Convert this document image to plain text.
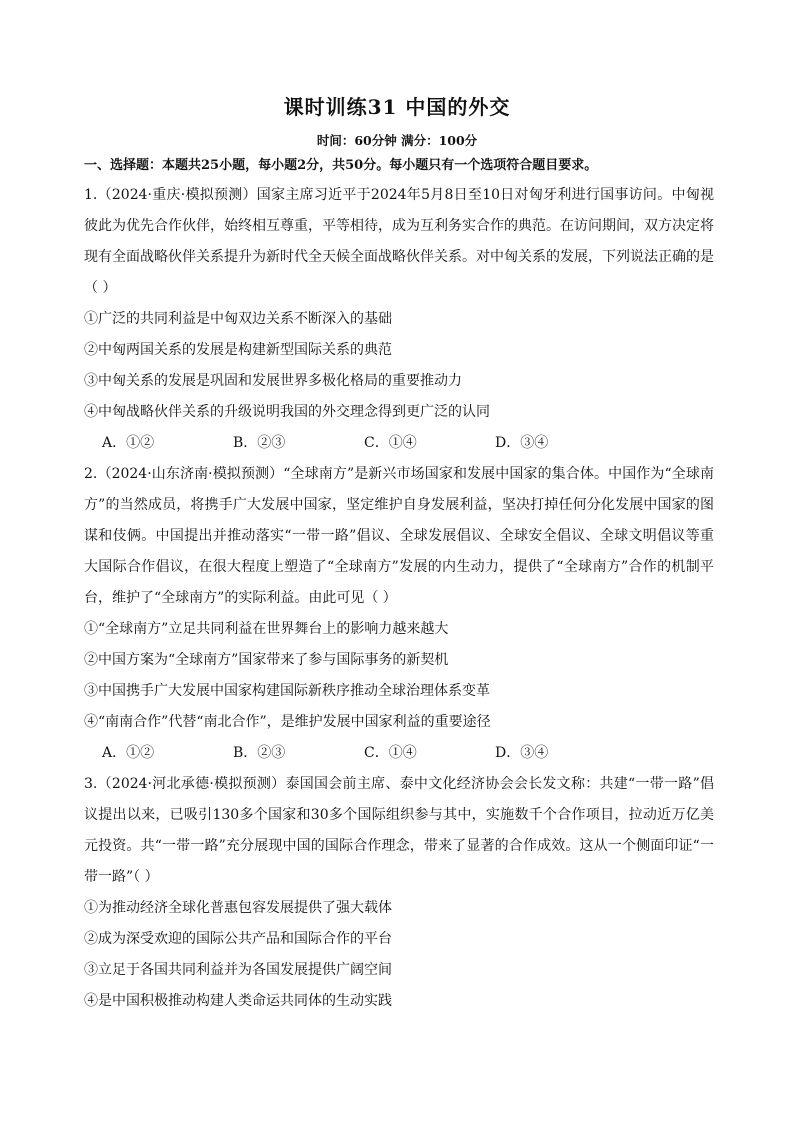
课时训练31 中国的外交
时间：60分钟 满分：100分
一、选择题：本题共25小题，每小题2分，共50分。每小题只有一个选项符合题目要求。

1.（2024·重庆·模拟预测）国家主席习近平于2024年5月8日至10日对匈牙利进行国事访问。中匈视彼此为优先合作伙伴，始终相互尊重，平等相待，成为互利务实合作的典范。在访问期间，双方决定将现有全面战略伙伴关系提升为新时代全天候全面战略伙伴关系。对中匈关系的发展，下列说法正确的是（ ）

①广泛的共同利益是中匈双边关系不断深入的基础

②中匈两国关系的发展是构建新型国际关系的典范

③中匈关系的发展是巩固和发展世界多极化格局的重要推动力

④中匈战略伙伴关系的升级说明我国的外交理念得到更广泛的认同

A．①②	B．②③	C．①④	D．③④

2.（2024·山东济南·模拟预测）“全球南方”是新兴市场国家和发展中国家的集合体。中国作为“全球南方”的当然成员，将携手广大发展中国家，坚定维护自身发展利益，坚决打掉任何分化发展中国家的图谋和伎俩。中国提出并推动落实“一带一路”倡议、全球发展倡议、全球安全倡议、全球文明倡议等重大国际合作倡议，在很大程度上塑造了“全球南方”发展的内生动力，提供了“全球南方”合作的机制平台，维护了“全球南方”的实际利益。由此可见（ ）

①“全球南方”立足共同利益在世界舞台上的影响力越来越大

②中国方案为“全球南方”国家带来了参与国际事务的新契机

③中国携手广大发展中国家构建国际新秩序推动全球治理体系变革

④“南南合作”代替“南北合作”，是维护发展中国家利益的重要途径

A．①②	B．②③	C．①④	D．③④

3.（2024·河北承德·模拟预测）泰国国会前主席、泰中文化经济协会会长发文称：共建“一带一路”倡议提出以来，已吸引130多个国家和30多个国际组织参与其中，实施数千个合作项目，拉动近万亿美元投资。共“一带一路”充分展现中国的国际合作理念，带来了显著的合作成效。这从一个侧面印证“一带一路”（ ）

①为推动经济全球化普惠包容发展提供了强大载体

②成为深受欢迎的国际公共产品和国际合作的平台

③立足于各国共同利益并为各国发展提供广阔空间

④是中国积极推动构建人类命运共同体的生动实践
